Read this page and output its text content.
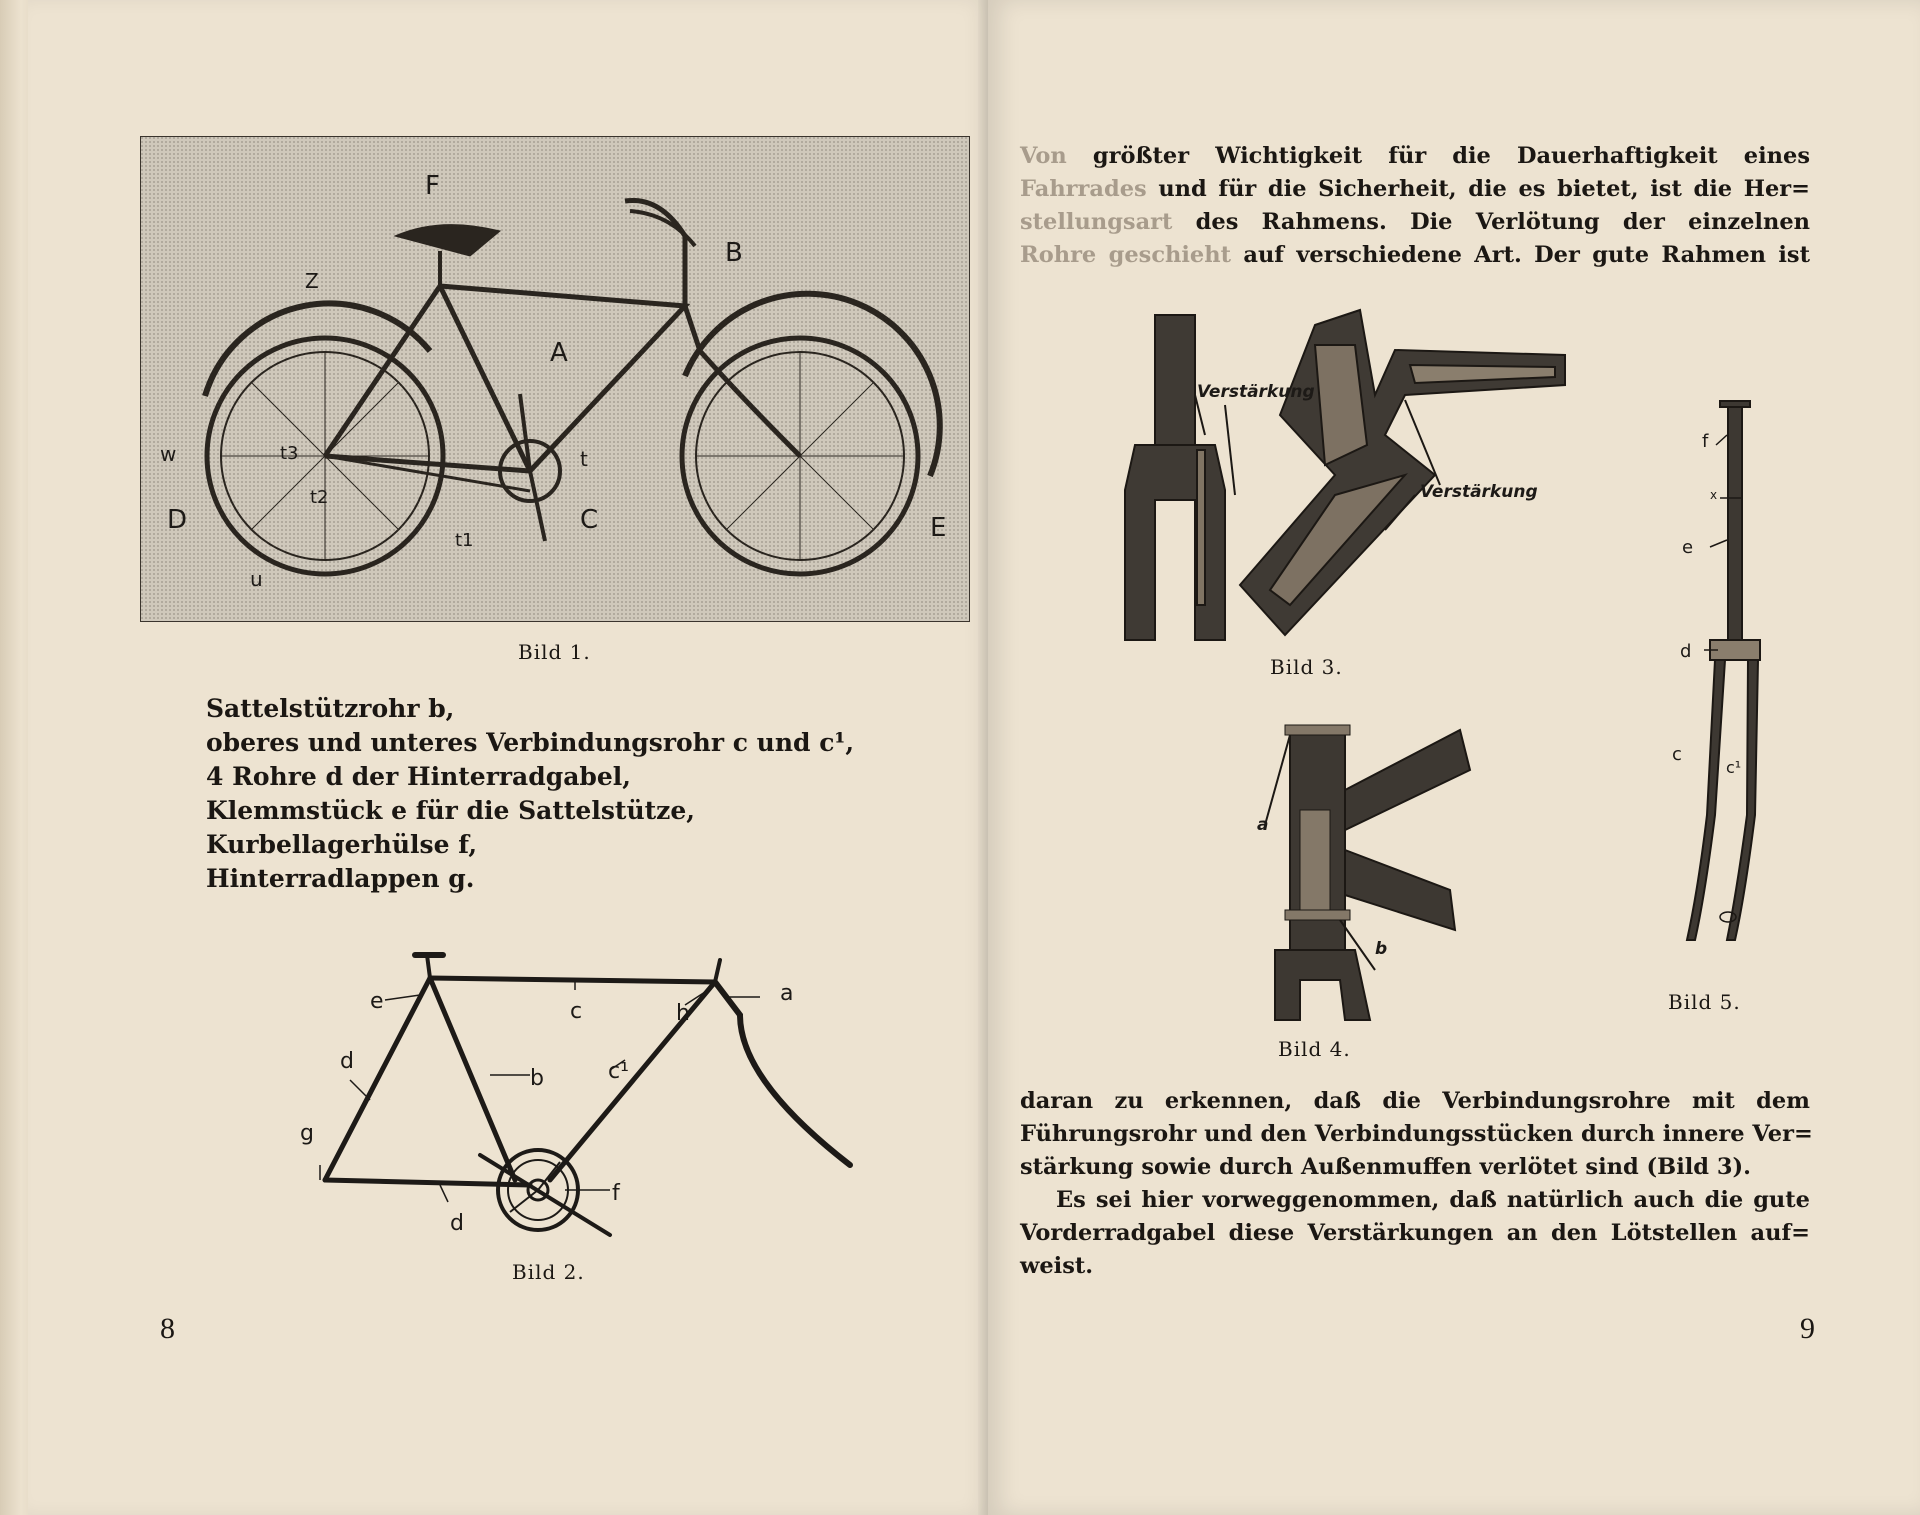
F
B
Z
A
w	t3
t2
t
D	C	E
t1
u
Bild 1.
Sattelstützrohr b,
oberes und unteres Verbindungsrohr c und c¹,
4 Rohre d der Hinterradgabel,
Klemmstück e für die Sattelstütze,
Kurbellagerhülse f,
Hinterradlappen g.
e	c	h
a
d
b	c¹
g
f
d
Bild 2.
8
Von größter Wichtigkeit für die Dauerhaftigkeit eines
Fahrrades und für die Sicherheit, die es bietet, ist die Her=
stellungsart des Rahmens. Die Verlötung der einzelnen
Rohre geschieht auf verschiedene Art. Der gute Rahmen ist
Verstärkung
Verstärkung
Bild 3.
a
b
Bild 4.
f
x
e
d
c
c¹
Bild 5.
daran zu erkennen, daß die Verbindungsrohre mit dem
Führungsrohr und den Verbindungsstücken durch innere Ver=
stärkung sowie durch Außenmuffen verlötet sind (Bild 3).
Es sei hier vorweggenommen, daß natürlich auch die gute
Vorderradgabel diese Verstärkungen an den Lötstellen auf=
weist.
9
